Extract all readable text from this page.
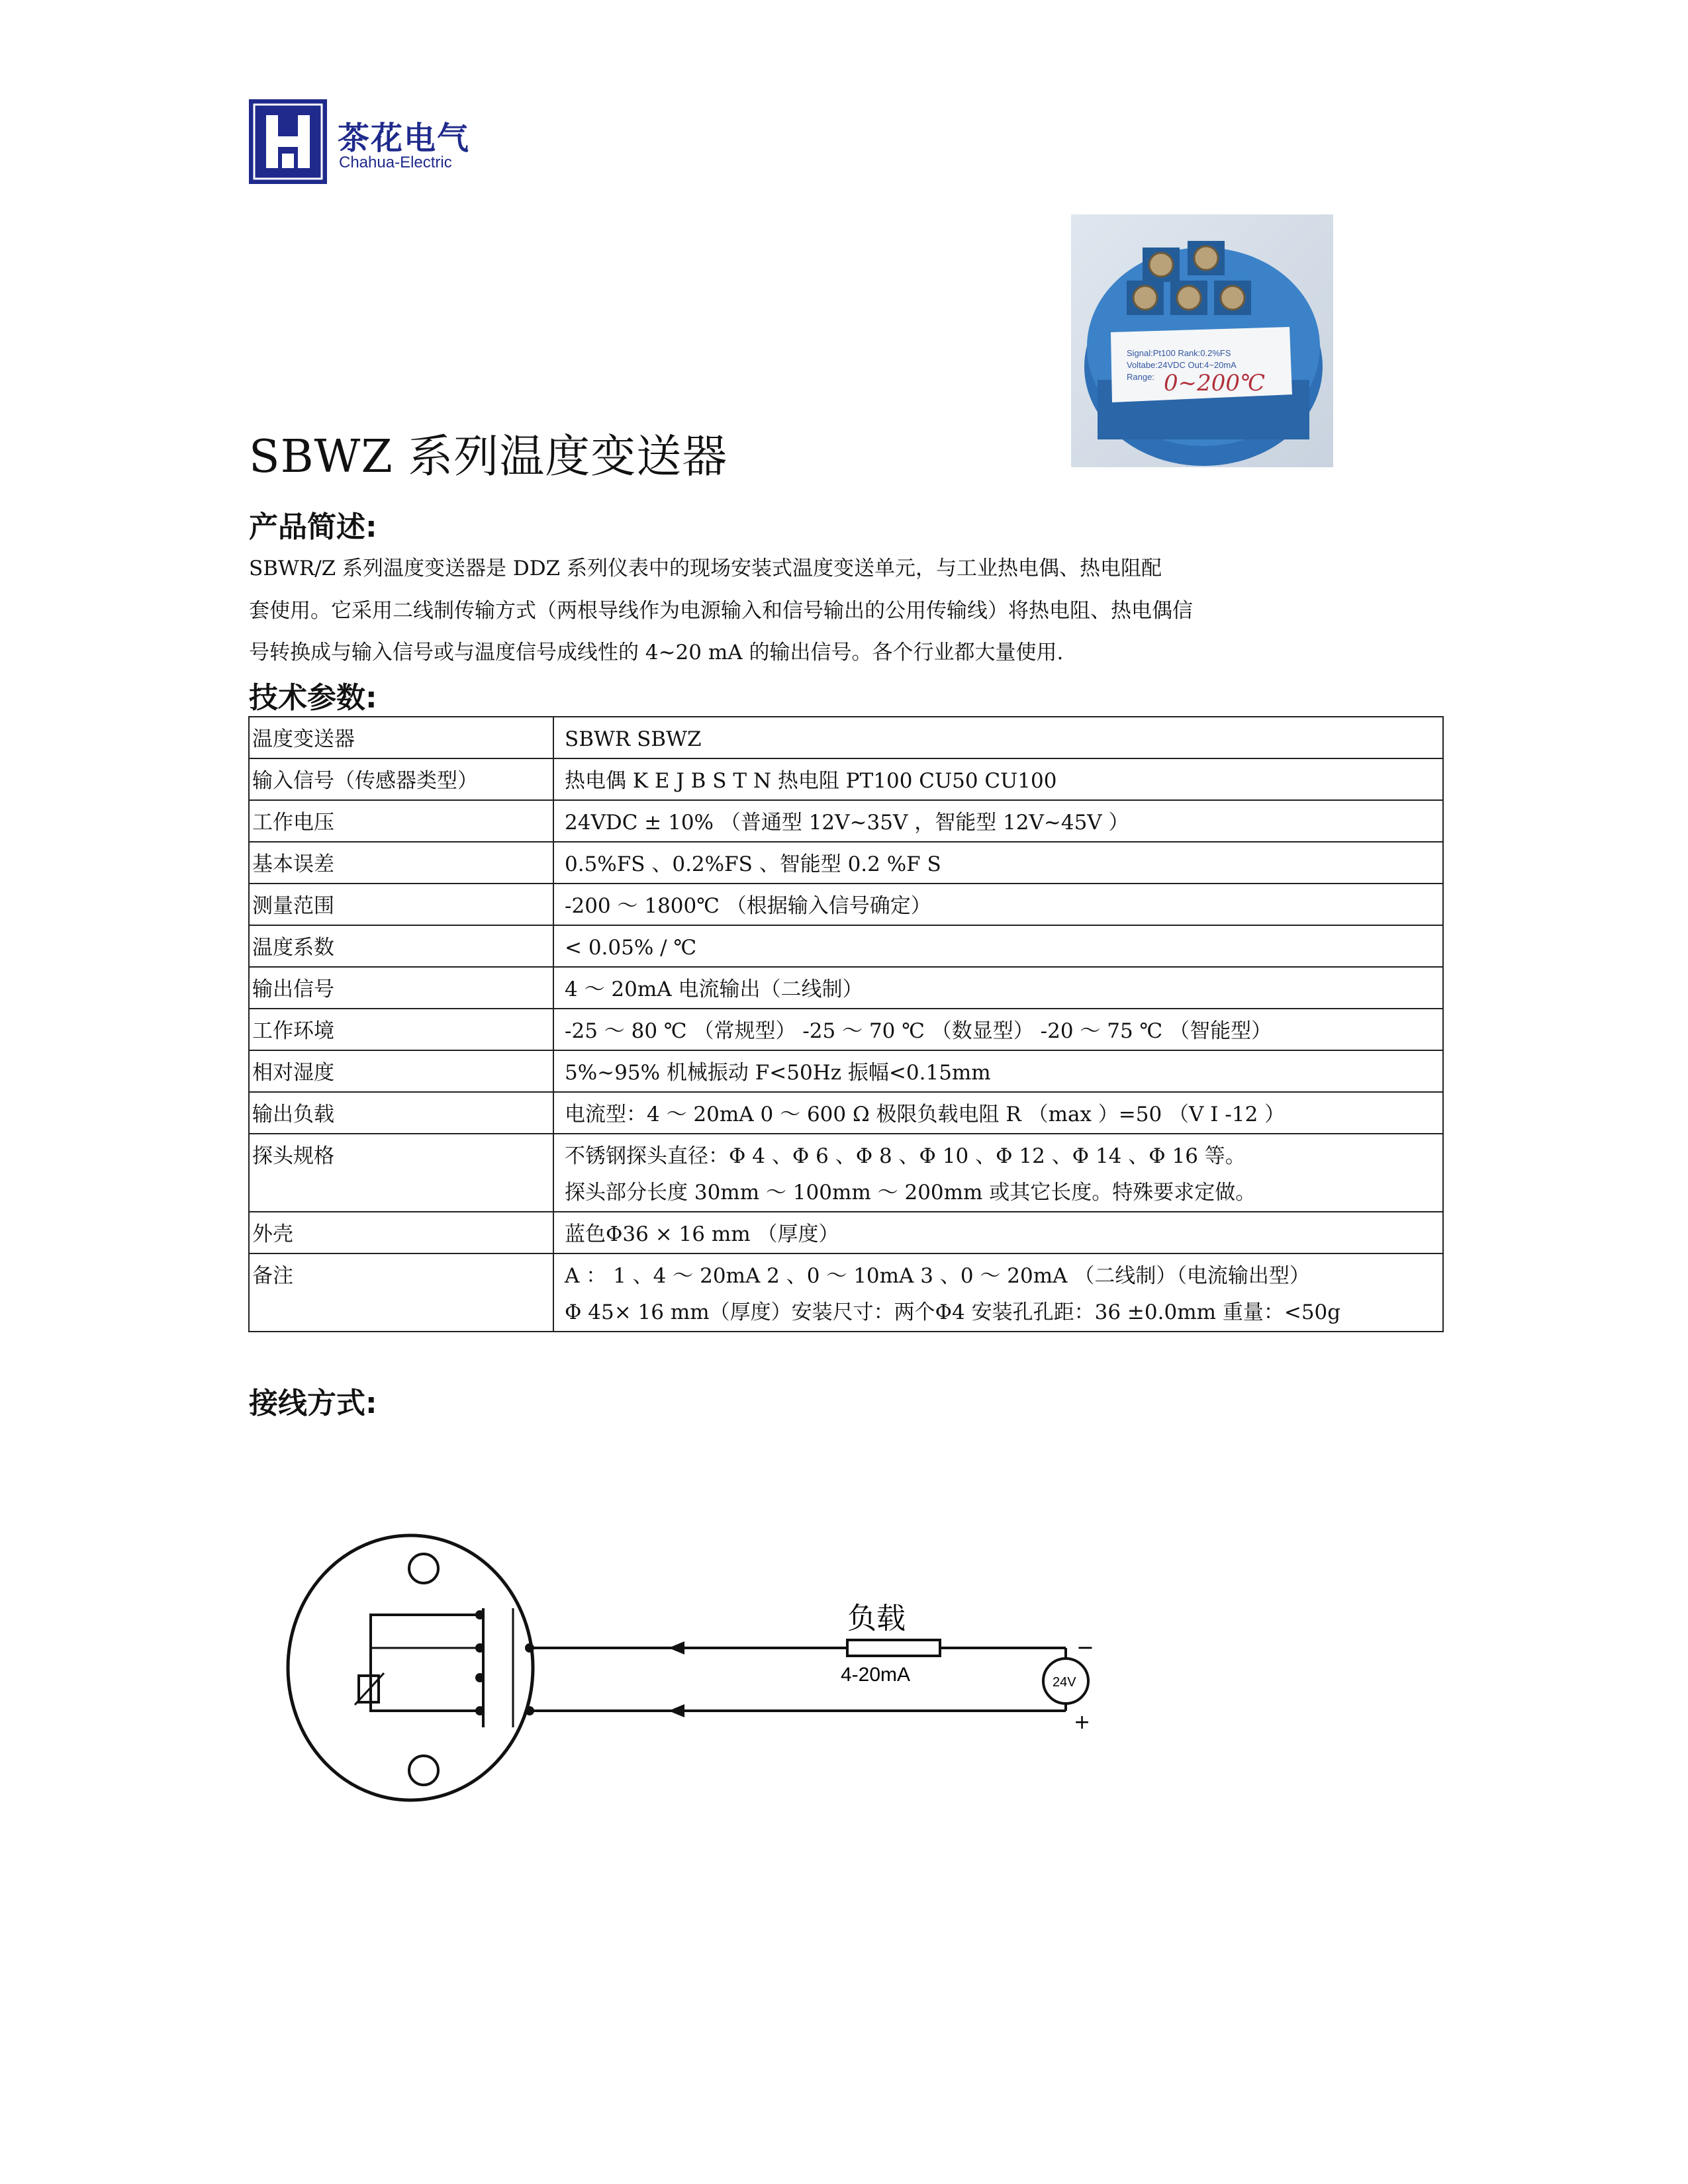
茶花电气
Chahua-Electric
Signal:Pt100 Rank:0.2%FS
Voltabe:24VDC Out:4~20mA
Range: 0~200℃
SBWZ 系列温度变送器
产品简述:
SBWR/Z 系列温度变送器是 DDZ 系列仪表中的现场安装式温度变送单元，与工业热电偶、热电阻配
套使用。它采用二线制传输方式（两根导线作为电源输入和信号输出的公用传输线）将热电阻、热电偶信
号转换成与输入信号或与温度信号成线性的 4~20 mA 的输出信号。各个行业都大量使用.
技术参数:
温度变送器	SBWR SBWZ

输入信号（传感器类型）	热电偶 K E J B S T N 热电阻 PT100 CU50 CU100

工作电压	24VDC ± 10% （普通型 12V~35V ，智能型 12V~45V ）

基本误差	0.5%FS 、0.2%FS 、智能型 0.2 %F S

测量范围	-200 ～ 1800℃ （根据输入信号确定）

温度系数	< 0.05% / ℃

输出信号	4 ～ 20mA 电流输出（二线制）

工作环境	-25 ～ 80 ℃ （常规型） -25 ～ 70 ℃ （数显型） -20 ～ 75 ℃ （智能型）

相对湿度	5%~95% 机械振动 F<50Hz 振幅<0.15mm

输出负载	电流型：4 ～ 20mA 0 ～ 600 Ω 极限负载电阻 R （max ）=50 （V I -12 ）

探头规格	不锈钢探头直径：Φ 4 、Φ 6 、Φ 8 、Φ 10 、Φ 12 、Φ 14 、Φ 16 等。
探头部分长度 30mm ～ 100mm ～ 200mm 或其它长度。特殊要求定做。

外壳	蓝色Φ36 × 16 mm （厚度）

备注	A ： 1 、4 ～ 20mA 2 、0 ～ 10mA 3 、0 ～ 20mA （二线制）（电流输出型）
Φ 45× 16 mm（厚度）安装尺寸：两个Φ4 安装孔孔距：36 ±0.0mm 重量：<50g
接线方式:
负载
4-20mA	24V
−
+
